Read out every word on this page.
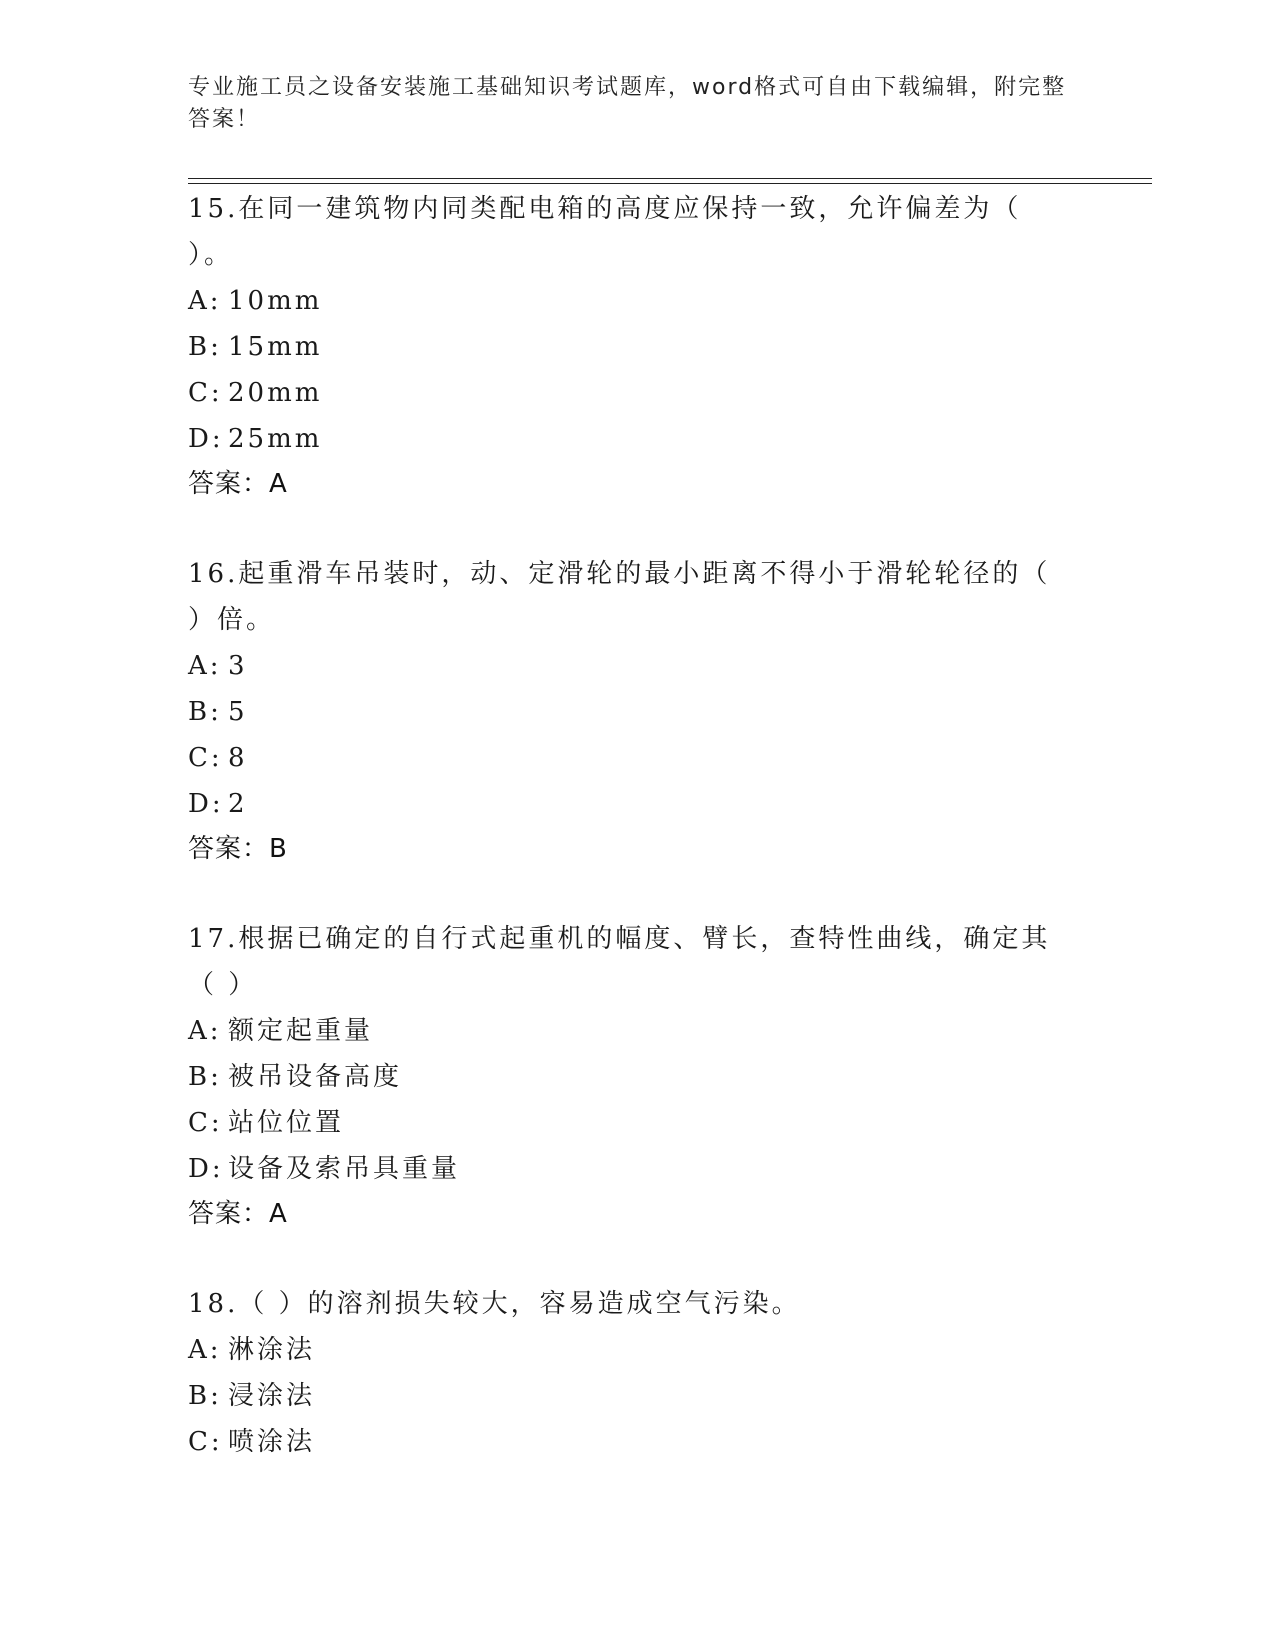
专业施工员之设备安装施工基础知识考试题库，word格式可自由下载编辑，附完整答案！

15.在同一建筑物内同类配电箱的高度应保持一致，允许偏差为（ ）。

A: 10mm

B: 15mm

C: 20mm

D: 25mm

答案：A

16.起重滑车吊装时，动、定滑轮的最小距离不得小于滑轮轮径的（ ）倍。

A: 3

B: 5

C: 8

D: 2

答案：B

17.根据已确定的自行式起重机的幅度、臂长，查特性曲线，确定其（ ）

A: 额定起重量

B: 被吊设备高度

C: 站位位置

D: 设备及索吊具重量

答案：A

18.（ ）的溶剂损失较大，容易造成空气污染。

A: 淋涂法

B: 浸涂法

C: 喷涂法
